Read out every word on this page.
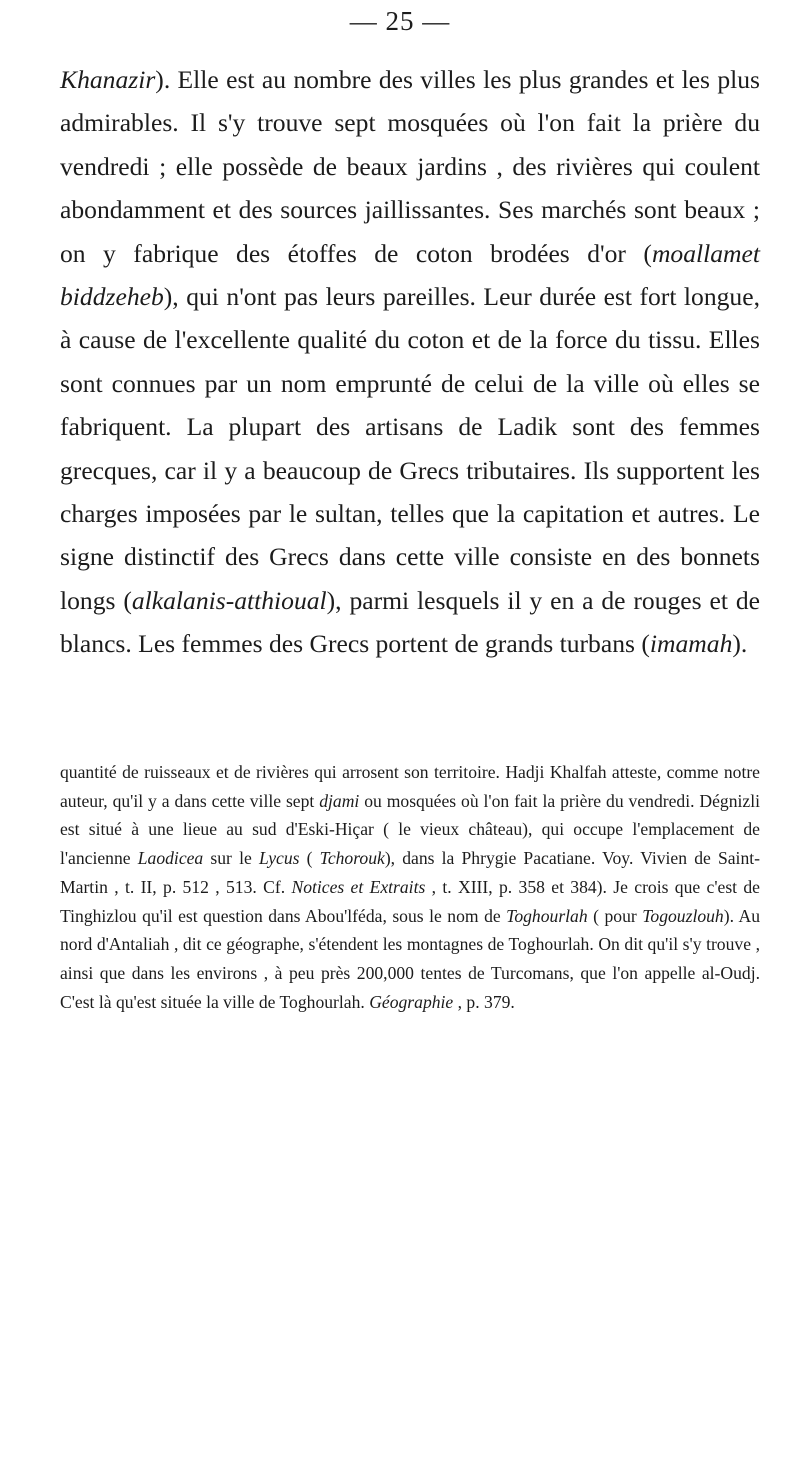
— 25 —

Khanazir). Elle est au nombre des villes les plus grandes et les plus admirables. Il s'y trouve sept mosquées où l'on fait la prière du vendredi ; elle possède de beaux jardins , des rivières qui coulent abondamment et des sources jaillissantes. Ses marchés sont beaux ; on y fabrique des étoffes de coton brodées d'or (moallamet biddzeheb), qui n'ont pas leurs pareilles. Leur durée est fort longue, à cause de l'excellente qualité du coton et de la force du tissu. Elles sont connues par un nom emprunté de celui de la ville où elles se fabriquent. La plupart des artisans de Ladik sont des femmes grecques, car il y a beaucoup de Grecs tributaires. Ils supportent les charges imposées par le sultan, telles que la capitation et autres. Le signe distinctif des Grecs dans cette ville consiste en des bonnets longs (alkalanis-atthioual), parmi lesquels il y en a de rouges et de blancs. Les femmes des Grecs portent de grands turbans (imamah).

quantité de ruisseaux et de rivières qui arrosent son territoire. Hadji Khalfah atteste, comme notre auteur, qu'il y a dans cette ville sept djami ou mosquées où l'on fait la prière du vendredi. Dégnizli est situé à une lieue au sud d'Eski-Hiçar ( le vieux château), qui occupe l'emplacement de l'ancienne Laodicea sur le Lycus ( Tchorouk), dans la Phrygie Pacatiane. Voy. Vivien de Saint-Martin , t. II, p. 512 , 513. Cf. Notices et Extraits , t. XIII, p. 358 et 384). Je crois que c'est de Tinghizlou qu'il est question dans Abou'lféda, sous le nom de Toghourlah ( pour Togouzlouh). Au nord d'Antaliah , dit ce géographe, s'étendent les montagnes de Toghourlah. On dit qu'il s'y trouve , ainsi que dans les environs , à peu près 200,000 tentes de Turcomans, que l'on appelle al-Oudj. C'est là qu'est située la ville de Toghourlah. Géographie , p. 379.
